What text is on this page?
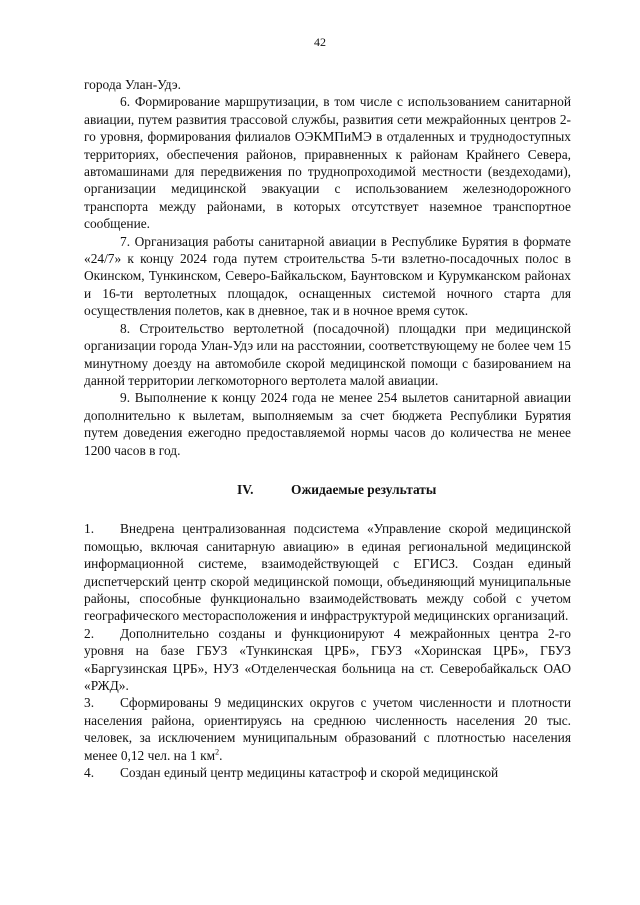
42

города Улан-Удэ.

6. Формирование маршрутизации, в том числе с использованием санитарной авиации, путем развития трассовой службы, развития сети межрайонных центров 2-го уровня, формирования филиалов ОЭКМПиМЭ в отдаленных и труднодоступных территориях, обеспечения районов, приравненных к районам Крайнего Севера, автомашинами для передвижения по труднопроходимой местности (вездеходами), организации медицинской эвакуации с использованием железнодорожного транспорта между районами, в которых отсутствует наземное транспортное сообщение.

7. Организация работы санитарной авиации в Республике Бурятия в формате «24/7» к концу 2024 года путем строительства 5-ти взлетно-посадочных полос в Окинском, Тункинском, Северо-Байкальском, Баунтовском и Курумканском районах и 16-ти вертолетных площадок, оснащенных системой ночного старта для осуществления полетов, как в дневное, так и в ночное время суток.

8. Строительство вертолетной (посадочной) площадки при медицинской организации города Улан-Удэ или на расстоянии, соответствующему не более чем 15 минутному доезду на автомобиле скорой медицинской помощи с базированием на данной территории легкомоторного вертолета малой авиации.

9. Выполнение к концу 2024 года не менее 254 вылетов санитарной авиации дополнительно к вылетам, выполняемым за счет бюджета Республики Бурятия путем доведения ежегодно предоставляемой нормы часов до количества не менее 1200 часов в год.

IV.	Ожидаемые результаты

1. Внедрена централизованная подсистема «Управление скорой медицинской помощью, включая санитарную авиацию» в единая региональной медицинской информационной системе, взаимодействующей с ЕГИСЗ. Создан единый диспетчерский центр скорой медицинской помощи, объединяющий муниципальные районы, способные функционально взаимодействовать между собой с учетом географического месторасположения и инфраструктурой медицинских организаций.

2. Дополнительно созданы и функционируют 4 межрайонных центра 2-го уровня на базе ГБУЗ «Тункинская ЦРБ», ГБУЗ «Хоринская ЦРБ», ГБУЗ «Баргузинская ЦРБ», НУЗ «Отделенческая больница на ст. Северобайкальск ОАО «РЖД».

3. Сформированы 9 медицинских округов с учетом численности и плотности населения района, ориентируясь на среднюю численность населения 20 тыс. человек, за исключением муниципальным образований с плотностью населения менее 0,12 чел. на 1 $км^2$.

4. Создан единый центр медицины катастроф и скорой медицинской
